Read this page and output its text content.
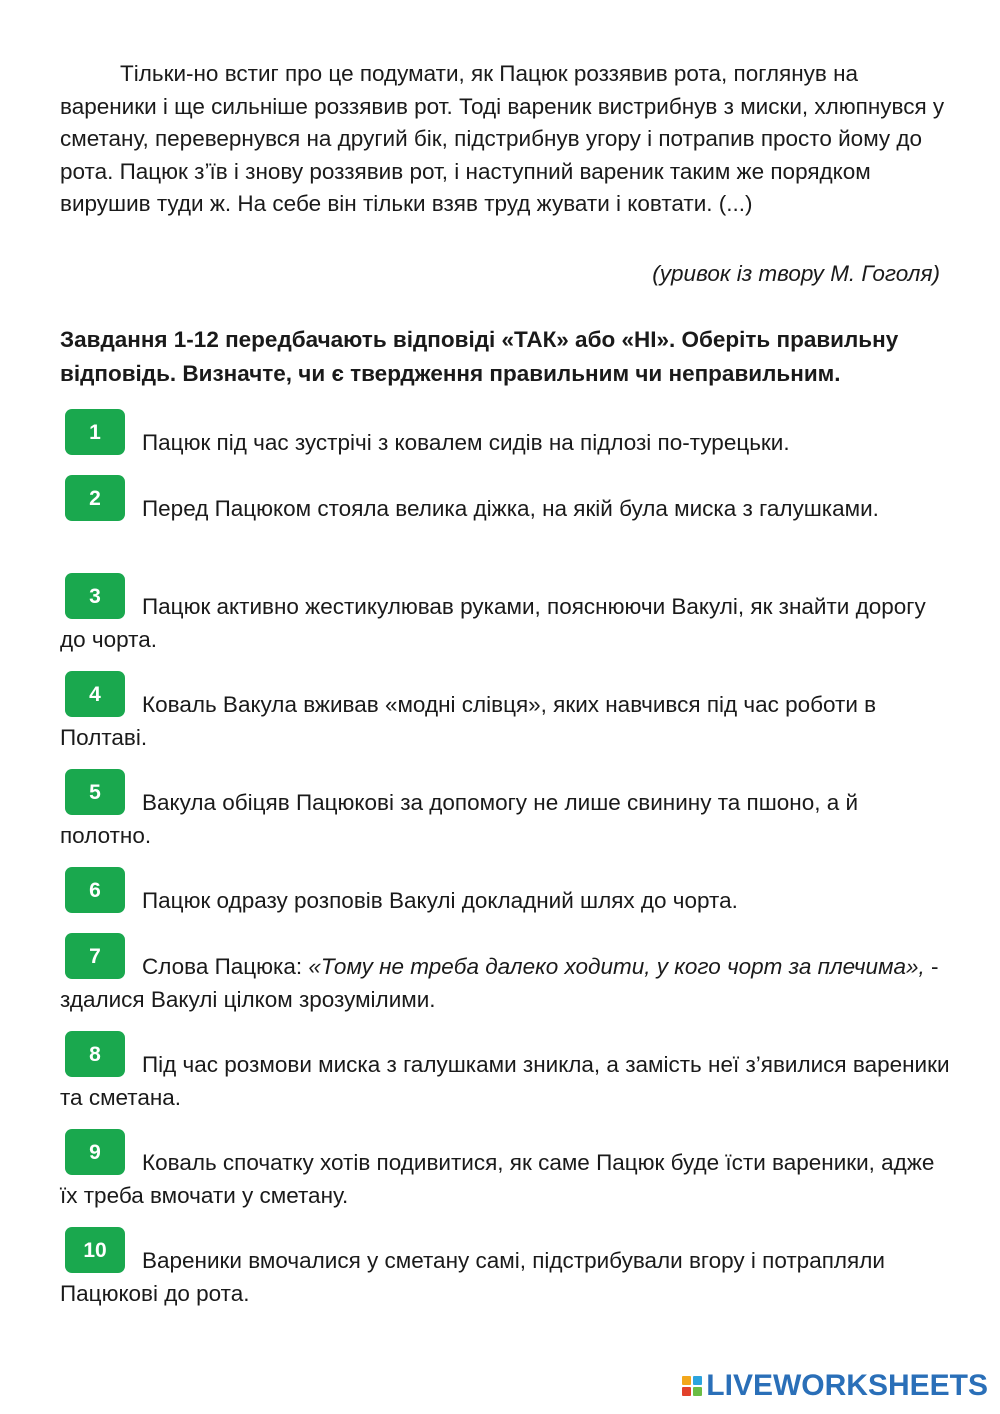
Тільки-но встиг про це подумати, як Пацюк роззявив рота, поглянув на вареники і ще сильніше роззявив рот. Тоді вареник вистрибнув з миски, хлюпнувся у сметану, перевернувся на другий бік, підстрибнув угору і потрапив просто йому до рота. Пацюк з’їв і знову роззявив рот, і наступний вареник таким же порядком вирушив туди ж. На себе він тільки взяв труд жувати і ковтати. (...)

(уривок із твору М. Гоголя)
Завдання 1-12 передбачають відповіді «ТАК» або «НІ». Оберіть правильну відповідь. Визначте, чи є твердження правильним чи неправильним.
1	Пацюк під час зустрічі з ковалем сидів на підлозі по-турецьки.

2	Перед Пацюком стояла велика діжка, на якій була миска з галушками.

3	Пацюк активно жестикулював руками, пояснюючи Вакулі, як знайти дорогу до чорта.

4	Коваль Вакула вживав «модні слівця», яких навчився під час роботи в Полтаві.

5	Вакула обіцяв Пацюкові за допомогу не лише свинину та пшоно, а й полотно.

6	Пацюк одразу розповів Вакулі докладний шлях до чорта.

7	Слова Пацюка: «Тому не треба далеко ходити, у кого чорт за плечима», - здалися Вакулі цілком зрозумілими.

8	Під час розмови миска з галушками зникла, а замість неї з’явилися вареники та сметана.

9	Коваль спочатку хотів подивитися, як саме Пацюк буде їсти вареники, адже їх треба вмочати у сметану.

10	Вареники вмочалися у сметану самі, підстрибували вгору і потрапляли Пацюкові до рота.

LIVEWORKSHEETS
